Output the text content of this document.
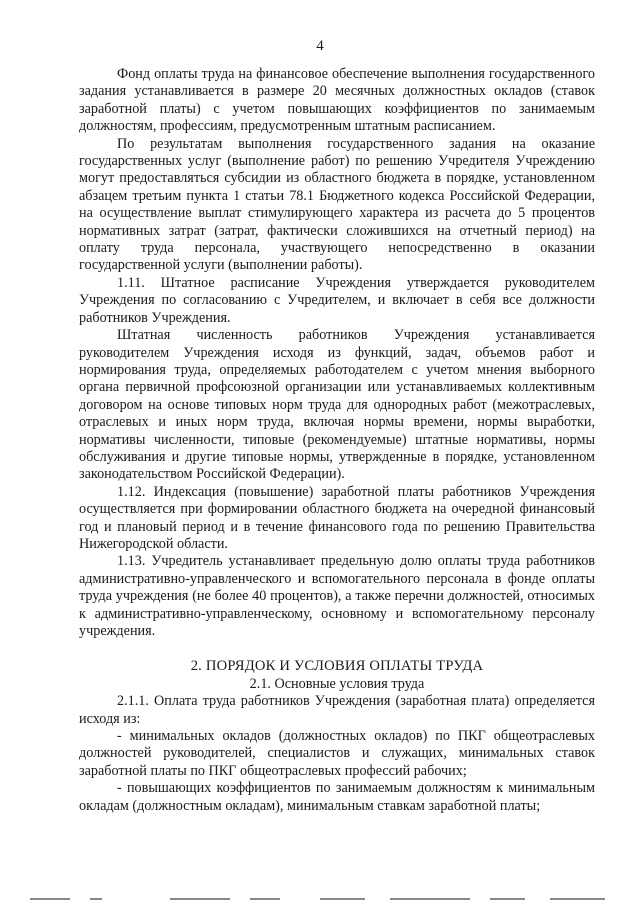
4

Фонд оплаты труда на финансовое обеспечение выполнения государственного задания устанавливается в размере 20 месячных должностных окладов (ставок заработной платы) с учетом повышающих коэффициентов по занимаемым должностям, профессиям, предусмотренным штатным расписанием.

По результатам выполнения государственного задания на оказание государственных услуг (выполнение работ) по решению Учредителя Учреждению могут предоставляться субсидии из областного бюджета в порядке, установленном абзацем третьим пункта 1 статьи 78.1 Бюджетного кодекса Российской Федерации, на осуществление выплат стимулирующего характера из расчета до 5 процентов нормативных затрат (затрат, фактически сложившихся на отчетный период) на оплату труда персонала, участвующего непосредственно в оказании государственной услуги (выполнении работы).

1.11. Штатное расписание Учреждения утверждается руководителем Учреждения по согласованию с Учредителем, и включает в себя все должности работников Учреждения.

Штатная численность работников Учреждения устанавливается руководителем Учреждения исходя из функций, задач, объемов работ и нормирования труда, определяемых работодателем с учетом мнения выборного органа первичной профсоюзной организации или устанавливаемых коллективным договором на основе типовых норм труда для однородных работ (межотраслевых, отраслевых и иных норм труда, включая нормы времени, нормы выработки, нормативы численности, типовые (рекомендуемые) штатные нормативы, нормы обслуживания и другие типовые нормы, утвержденные в порядке, установленном законодательством Российской Федерации).

1.12. Индексация (повышение) заработной платы работников Учреждения осуществляется при формировании областного бюджета на очередной финансовый год и плановый период и в течение финансового года по решению Правительства Нижегородской области.

1.13. Учредитель устанавливает предельную долю оплаты труда работников административно-управленческого и вспомогательного персонала в фонде оплаты труда учреждения (не более 40 процентов), а также перечни должностей, относимых к административно-управленческому, основному и вспомогательному персоналу учреждения.

2. ПОРЯДОК И УСЛОВИЯ ОПЛАТЫ ТРУДА

2.1. Основные условия труда

2.1.1. Оплата труда работников Учреждения (заработная плата) определяется исходя из:

- минимальных окладов (должностных окладов) по ПКГ общеотраслевых должностей руководителей, специалистов и служащих, минимальных ставок заработной платы по ПКГ общеотраслевых профессий рабочих;

- повышающих коэффициентов по занимаемым должностям к минимальным окладам (должностным окладам), минимальным ставкам заработной платы;
